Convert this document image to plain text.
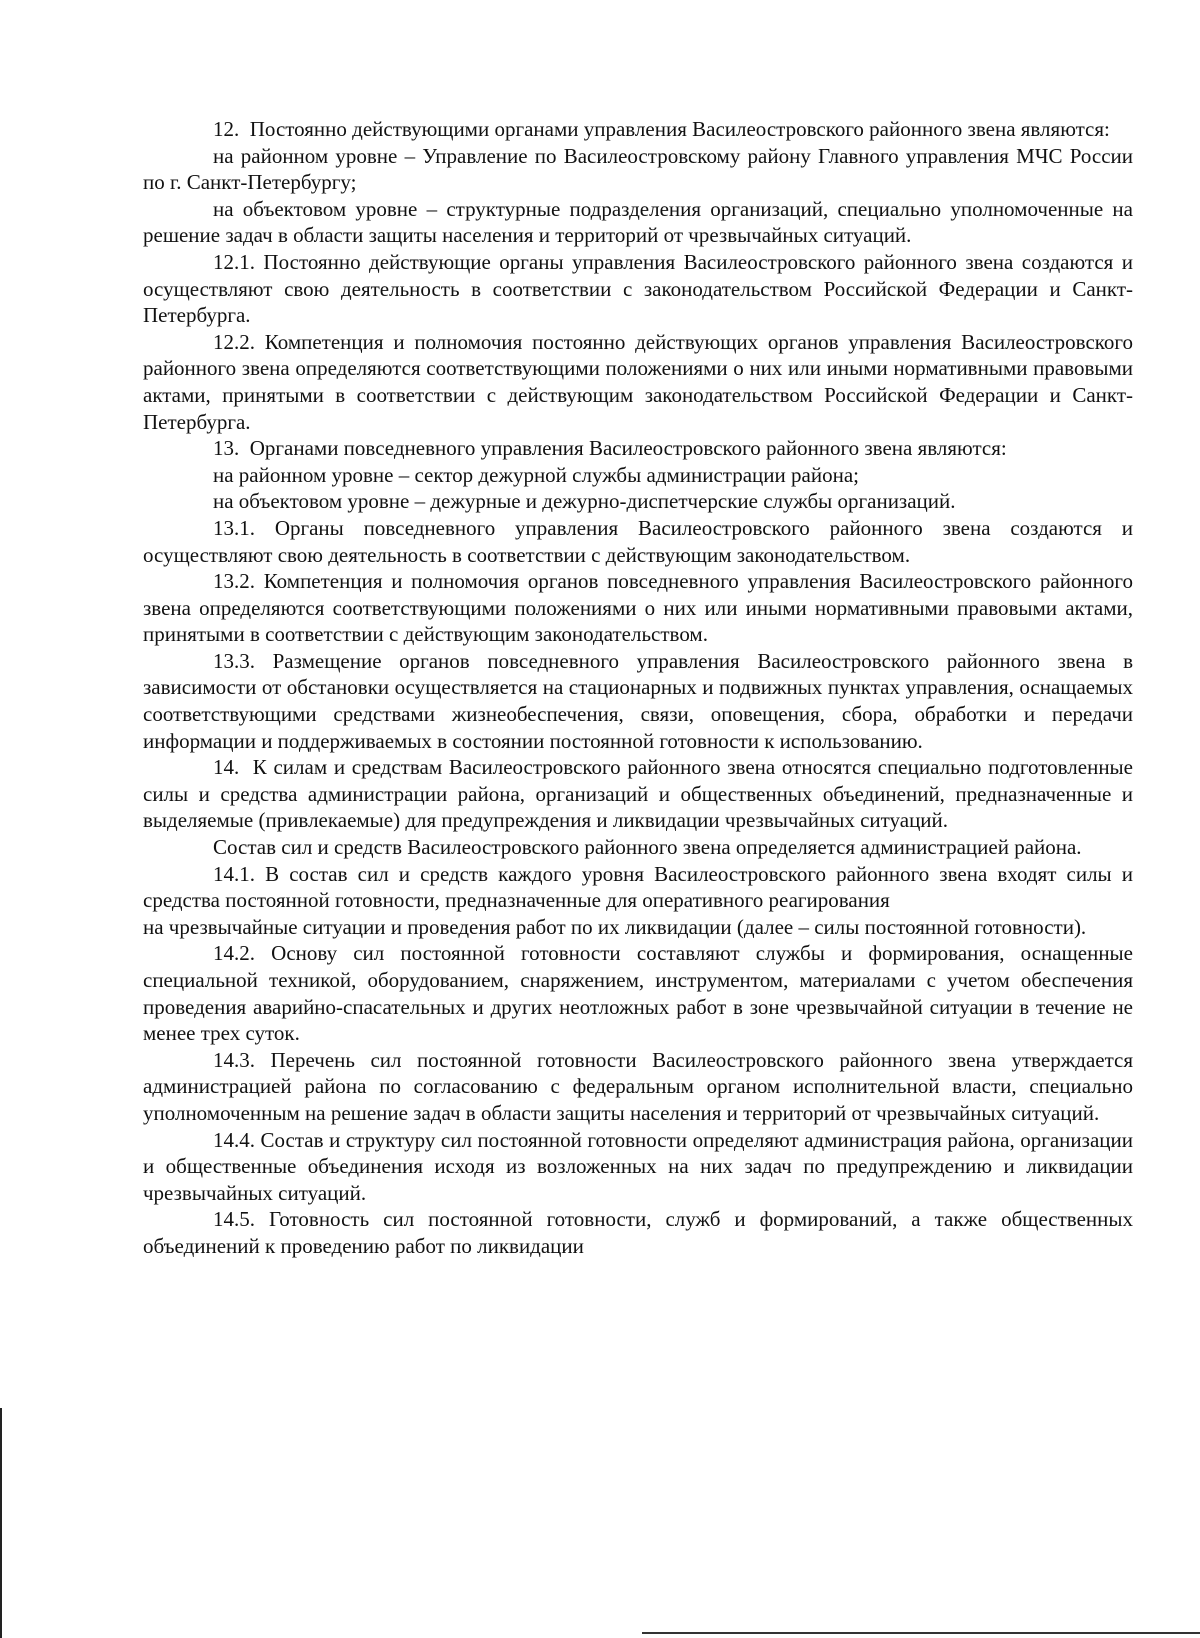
12.  Постоянно действующими органами управления Василеостровского районного звена являются:

на районном уровне – Управление по Василеостровскому району Главного управления МЧС России по г. Санкт-Петербургу;

на объектовом уровне – структурные подразделения организаций, специально уполномоченные на решение задач в области защиты населения и территорий от чрезвычайных ситуаций.

12.1. Постоянно действующие органы управления Василеостровского районного звена создаются и осуществляют свою деятельность в соответствии с законодательством Российской Федерации и Санкт-Петербурга.

12.2. Компетенция и полномочия постоянно действующих органов управления Василеостровского районного звена определяются соответствующими положениями о них или иными нормативными правовыми актами, принятыми в соответствии с действующим законодательством Российской Федерации и Санкт-Петербурга.

13.  Органами повседневного управления Василеостровского районного звена являются:

на районном уровне – сектор дежурной службы администрации района;

на объектовом уровне – дежурные и дежурно-диспетчерские службы организаций.

13.1. Органы повседневного управления Василеостровского районного звена создаются и осуществляют свою деятельность в соответствии с действующим законодательством.

13.2. Компетенция и полномочия органов повседневного управления Василеостровского районного звена определяются соответствующими положениями о них или иными нормативными правовыми актами, принятыми в соответствии с действующим законодательством.

13.3. Размещение органов повседневного управления Василеостровского районного звена в зависимости от обстановки осуществляется на стационарных и подвижных пунктах управления, оснащаемых соответствующими средствами жизнеобеспечения, связи, оповещения, сбора, обработки и передачи информации и поддерживаемых в состоянии постоянной готовности к использованию.

14.  К силам и средствам Василеостровского районного звена относятся специально подготовленные силы и средства администрации района, организаций и общественных объединений, предназначенные и выделяемые (привлекаемые) для предупреждения и ликвидации чрезвычайных ситуаций.

Состав сил и средств Василеостровского районного звена определяется администрацией района.

14.1. В состав сил и средств каждого уровня Василеостровского районного звена входят силы и средства постоянной готовности, предназначенные для оперативного реагирования

на чрезвычайные ситуации и проведения работ по их ликвидации (далее – силы постоянной готовности).

14.2. Основу сил постоянной готовности составляют службы и формирования, оснащенные специальной техникой, оборудованием, снаряжением, инструментом, материалами с учетом обеспечения проведения аварийно-спасательных и других неотложных работ в зоне чрезвычайной ситуации в течение не менее трех суток.

14.3. Перечень сил постоянной готовности Василеостровского районного звена утверждается администрацией района по согласованию с федеральным органом исполнительной власти, специально уполномоченным на решение задач в области защиты населения и территорий от чрезвычайных ситуаций.

14.4. Состав и структуру сил постоянной готовности определяют администрация района, организации и общественные объединения исходя из возложенных на них задач по предупреждению и ликвидации чрезвычайных ситуаций.

14.5. Готовность сил постоянной готовности, служб и формирований, а также общественных объединений к проведению работ по ликвидации
